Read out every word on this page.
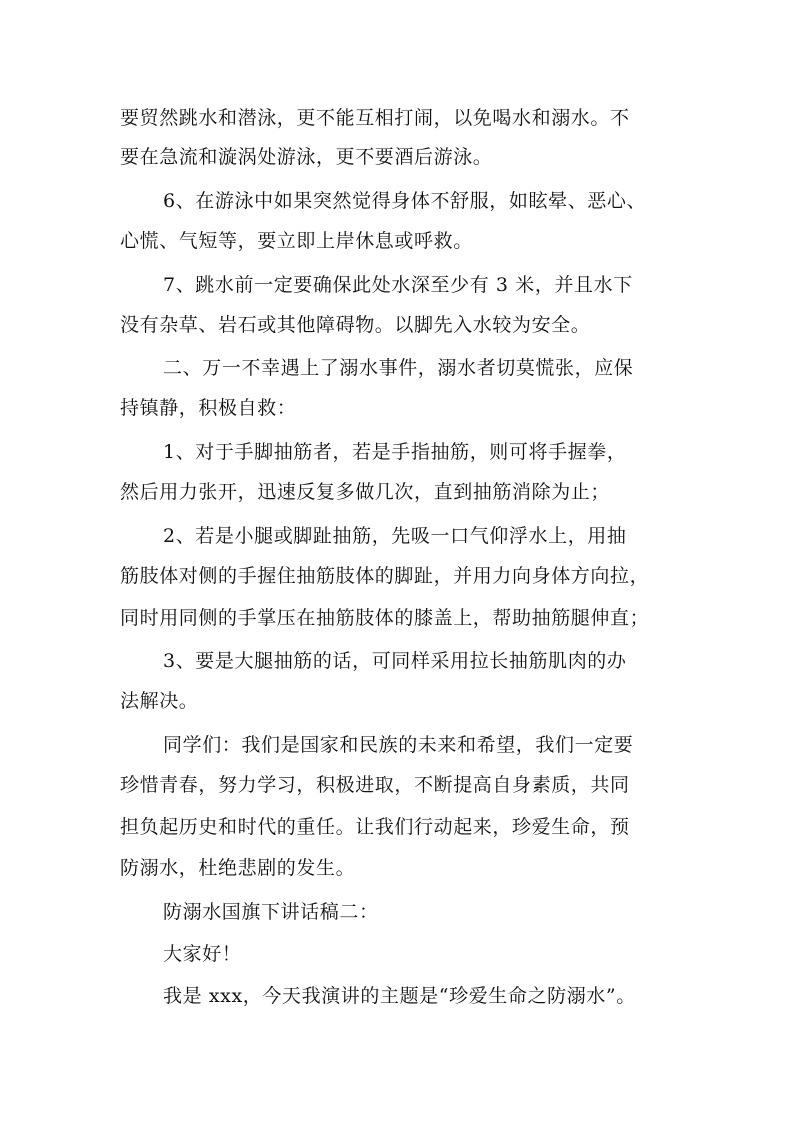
要贸然跳水和潜泳，更不能互相打闹，以免喝水和溺水。不
要在急流和漩涡处游泳，更不要酒后游泳。
6、在游泳中如果突然觉得身体不舒服，如眩晕、恶心、
心慌、气短等，要立即上岸休息或呼救。
7、跳水前一定要确保此处水深至少有 3 米，并且水下
没有杂草、岩石或其他障碍物。以脚先入水较为安全。
二、万一不幸遇上了溺水事件，溺水者切莫慌张，应保
持镇静，积极自救：
1、对于手脚抽筋者，若是手指抽筋，则可将手握拳，
然后用力张开，迅速反复多做几次，直到抽筋消除为止；
2、若是小腿或脚趾抽筋，先吸一口气仰浮水上，用抽
筋肢体对侧的手握住抽筋肢体的脚趾，并用力向身体方向拉，
同时用同侧的手掌压在抽筋肢体的膝盖上，帮助抽筋腿伸直；
3、要是大腿抽筋的话，可同样采用拉长抽筋肌肉的办
法解决。
同学们：我们是国家和民族的未来和希望，我们一定要
珍惜青春，努力学习，积极进取，不断提高自身素质，共同
担负起历史和时代的重任。让我们行动起来，珍爱生命，预
防溺水，杜绝悲剧的发生。
防溺水国旗下讲话稿二：
大家好！
我是 xxx，今天我演讲的主题是“珍爱生命之防溺水”。
